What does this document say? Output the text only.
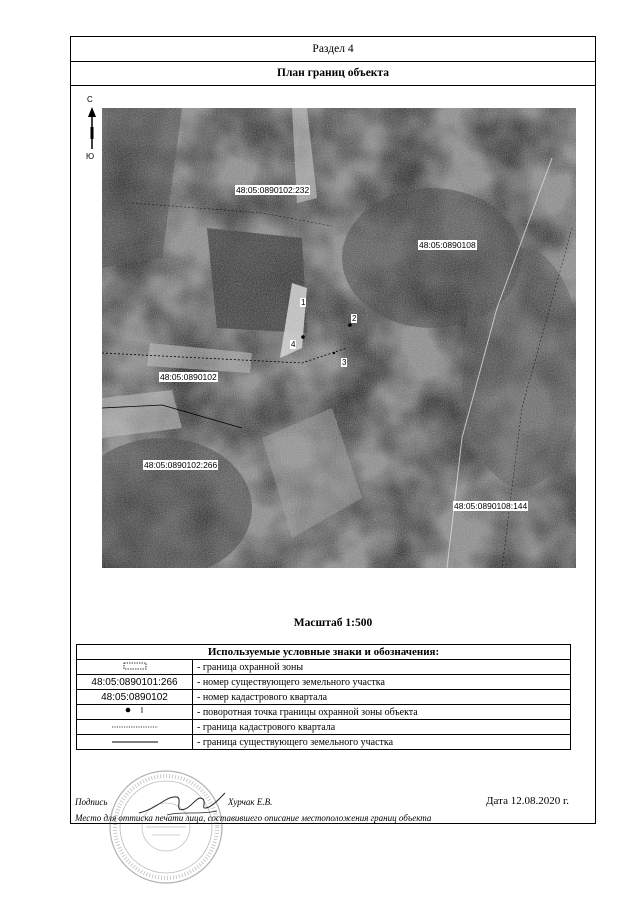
Раздел 4
План границ объекта
С
Ю
48:05:0890102:232
48:05:0890108
48:05:0890102
48:05:0890102:266
48:05:0890108:144
1
2
3
4
Масштаб 1:500
Используемые условные знаки и обозначения:	
	- граница охранной зоны
48:05:0890101:266	- номер существующего земельного участка
48:05:0890102	- номер кадастрового квартала
	- поворотная точка границы охранной зоны объекта
	- граница кадастрового квартала
	- граница существующего земельного участка
Подпись	Хурчак Е.В.	Дата 12.08.2020 г.
Место для оттиска печати лица, составившего описание местоположения границ объекта
